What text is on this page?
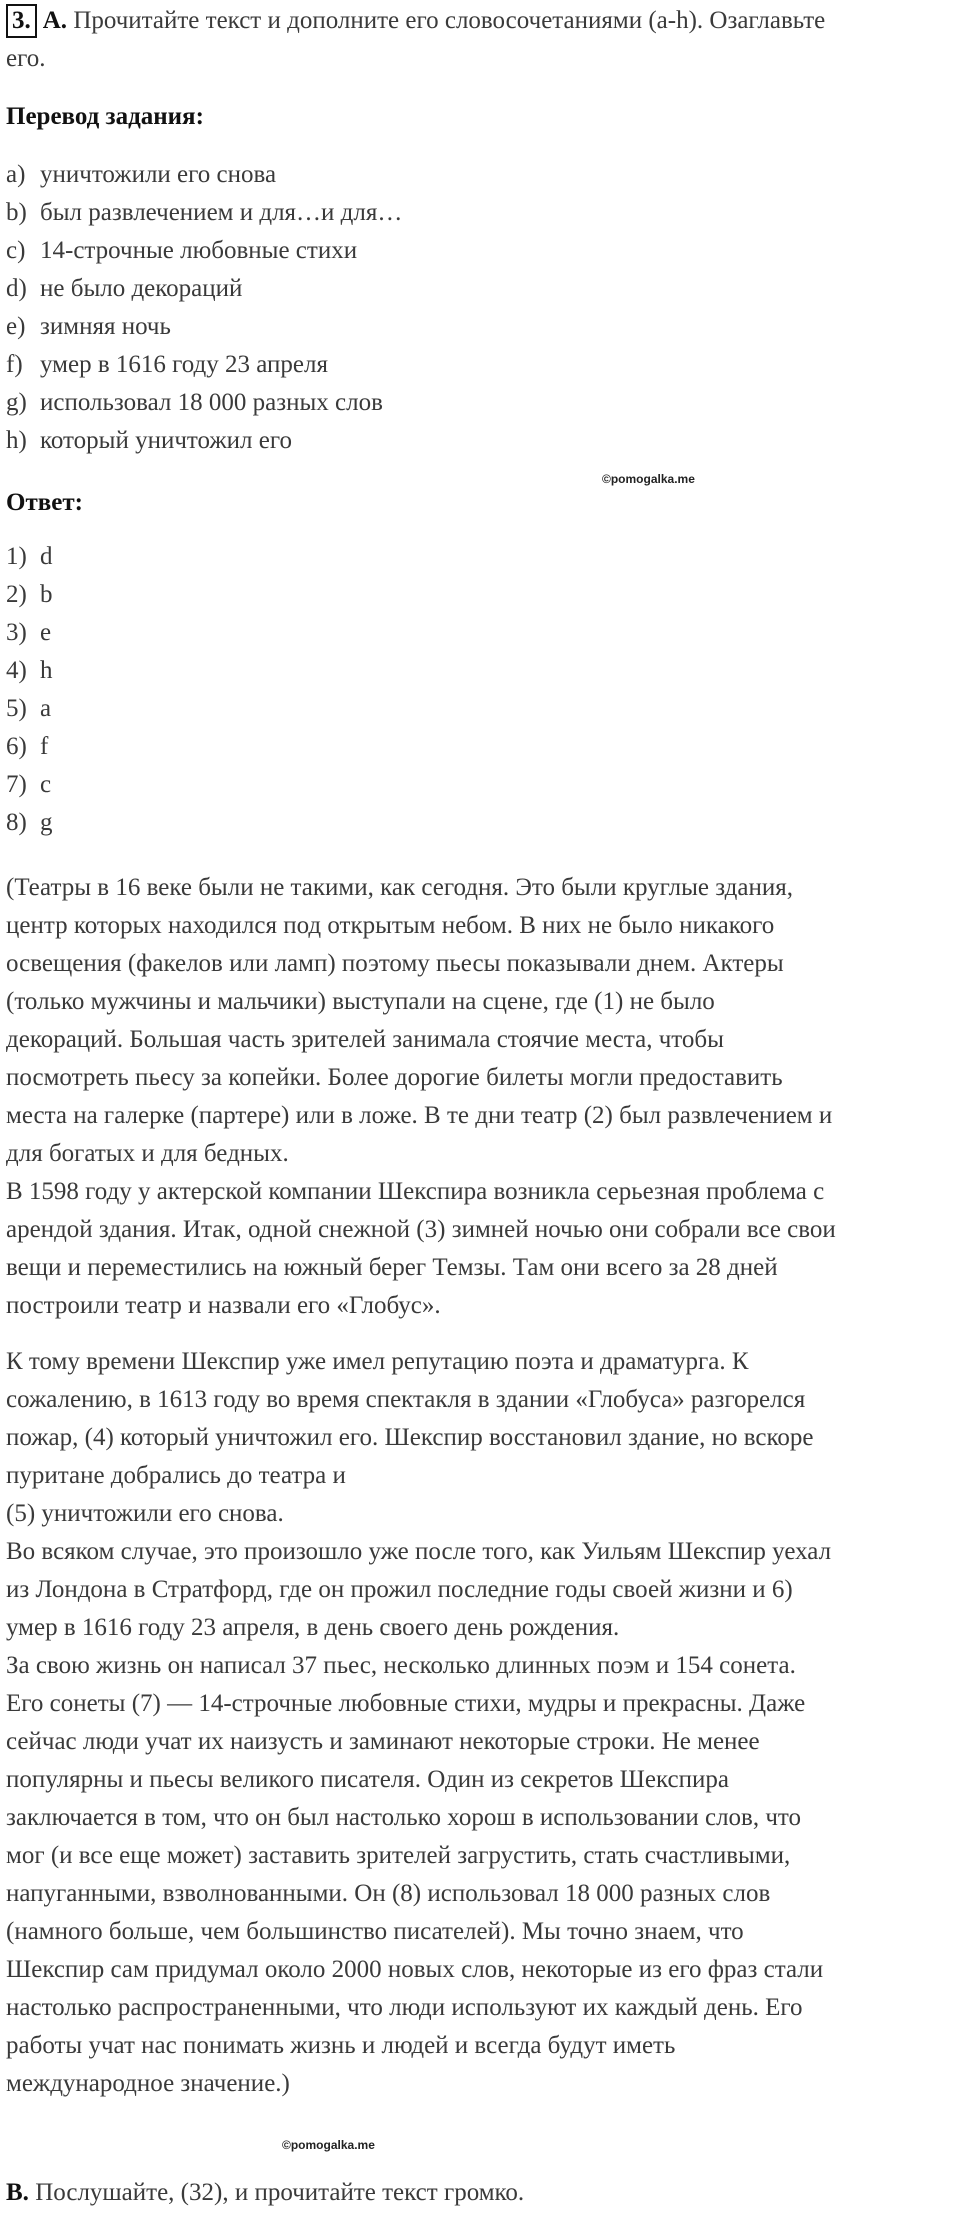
3. A. Прочитайте текст и дополните его словосочетаниями (a-h). Озаглавьте
его.
Перевод задания:
a) уничтожили его снова
b) был развлечением и для…и для…
c) 14-строчные любовные стихи
d) не было декораций
e) зимняя ночь
f) умер в 1616 году 23 апреля
g) использовал 18 000 разных слов
h) который уничтожил его
©pomogalka.me
Ответ:
1) d
2) b
3) e
4) h
5) a
6) f
7) c
8) g
(Театры в 16 веке были не такими, как сегодня. Это были круглые здания,
центр которых находился под открытым небом. В них не было никакого
освещения (факелов или ламп) поэтому пьесы показывали днем. Актеры
(только мужчины и мальчики) выступали на сцене, где (1) не было
декораций. Большая часть зрителей занимала стоячие места, чтобы
посмотреть пьесу за копейки. Более дорогие билеты могли предоставить
места на галерке (партере) или в ложе. В те дни театр (2) был развлечением и
для богатых и для бедных.
В 1598 году у актерской компании Шекспира возникла серьезная проблема с
арендой здания. Итак, одной снежной (3) зимней ночью они собрали все свои
вещи и переместились на южный берег Темзы. Там они всего за 28 дней
построили театр и назвали его «Глобус».
К тому времени Шекспир уже имел репутацию поэта и драматурга. К
сожалению, в 1613 году во время спектакля в здании «Глобуса» разгорелся
пожар, (4) который уничтожил его. Шекспир восстановил здание, но вскоре
пуритане добрались до театра и
(5) уничтожили его снова.
Во всяком случае, это произошло уже после того, как Уильям Шекспир уехал
из Лондона в Стратфорд, где он прожил последние годы своей жизни и 6)
умер в 1616 году 23 апреля, в день своего день рождения.
За свою жизнь он написал 37 пьес, несколько длинных поэм и 154 сонета.
Его сонеты (7) — 14-строчные любовные стихи, мудры и прекрасны. Даже
сейчас люди учат их наизусть и заминают некоторые строки. Не менее
популярны и пьесы великого писателя. Один из секретов Шекспира
заключается в том, что он был настолько хорош в использовании слов, что
мог (и все еще может) заставить зрителей загрустить, стать счастливыми,
напуганными, взволнованными. Он (8) использовал 18 000 разных слов
(намного больше, чем большинство писателей). Мы точно знаем, что
Шекспир сам придумал около 2000 новых слов, некоторые из его фраз стали
настолько распространенными, что люди используют их каждый день. Его
работы учат нас понимать жизнь и людей и всегда будут иметь
международное значение.)
©pomogalka.me
B. Послушайте, (32), и прочитайте текст громко.
